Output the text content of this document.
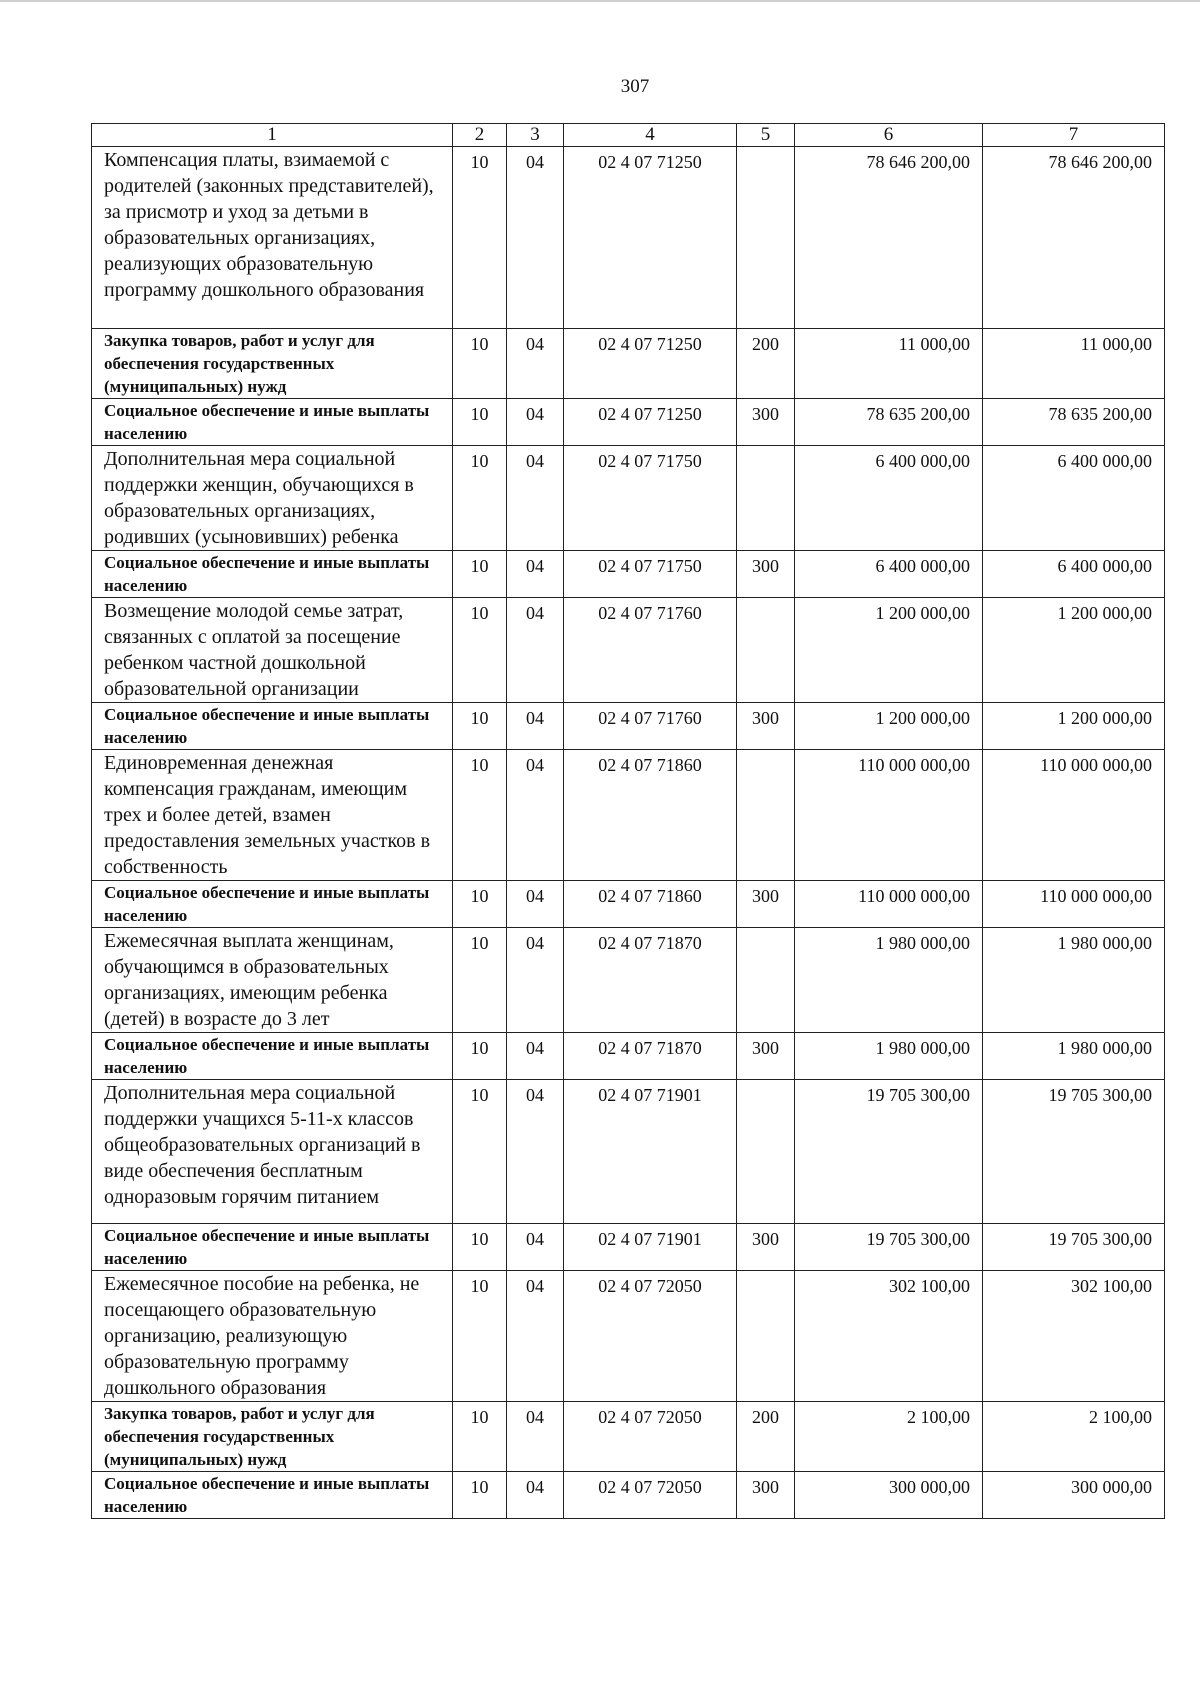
307
1	2	3	4	5	6	7
Компенсация платы, взимаемой с родителей (законных представителей), за присмотр и уход за детьми в образовательных организациях, реализующих образовательную программу дошкольного образования	10	04	02 4 07 71250		78 646 200,00	78 646 200,00
Закупка товаров, работ и услуг для обеспечения государственных (муниципальных) нужд	10	04	02 4 07 71250	200	11 000,00	11 000,00
Социальное обеспечение и иные выплаты населению	10	04	02 4 07 71250	300	78 635 200,00	78 635 200,00
Дополнительная мера социальной поддержки женщин, обучающихся в образовательных организациях, родивших (усыновивших) ребенка	10	04	02 4 07 71750		6 400 000,00	6 400 000,00
Социальное обеспечение и иные выплаты населению	10	04	02 4 07 71750	300	6 400 000,00	6 400 000,00
Возмещение молодой семье затрат, связанных с оплатой за посещение ребенком частной дошкольной образовательной организации	10	04	02 4 07 71760		1 200 000,00	1 200 000,00
Социальное обеспечение и иные выплаты населению	10	04	02 4 07 71760	300	1 200 000,00	1 200 000,00
Единовременная денежная компенсация гражданам, имеющим трех и более детей, взамен предоставления земельных участков в собственность	10	04	02 4 07 71860		110 000 000,00	110 000 000,00
Социальное обеспечение и иные выплаты населению	10	04	02 4 07 71860	300	110 000 000,00	110 000 000,00
Ежемесячная выплата женщинам, обучающимся в образовательных организациях, имеющим ребенка (детей) в возрасте до 3 лет	10	04	02 4 07 71870		1 980 000,00	1 980 000,00
Социальное обеспечение и иные выплаты населению	10	04	02 4 07 71870	300	1 980 000,00	1 980 000,00
Дополнительная мера социальной поддержки учащихся 5-11-х классов общеобразовательных организаций в виде обеспечения бесплатным одноразовым горячим питанием	10	04	02 4 07 71901		19 705 300,00	19 705 300,00
Социальное обеспечение и иные выплаты населению	10	04	02 4 07 71901	300	19 705 300,00	19 705 300,00
Ежемесячное пособие на ребенка, не посещающего образовательную организацию, реализующую образовательную программу дошкольного образования	10	04	02 4 07 72050		302 100,00	302 100,00
Закупка товаров, работ и услуг для обеспечения государственных (муниципальных) нужд	10	04	02 4 07 72050	200	2 100,00	2 100,00
Социальное обеспечение и иные выплаты населению	10	04	02 4 07 72050	300	300 000,00	300 000,00
